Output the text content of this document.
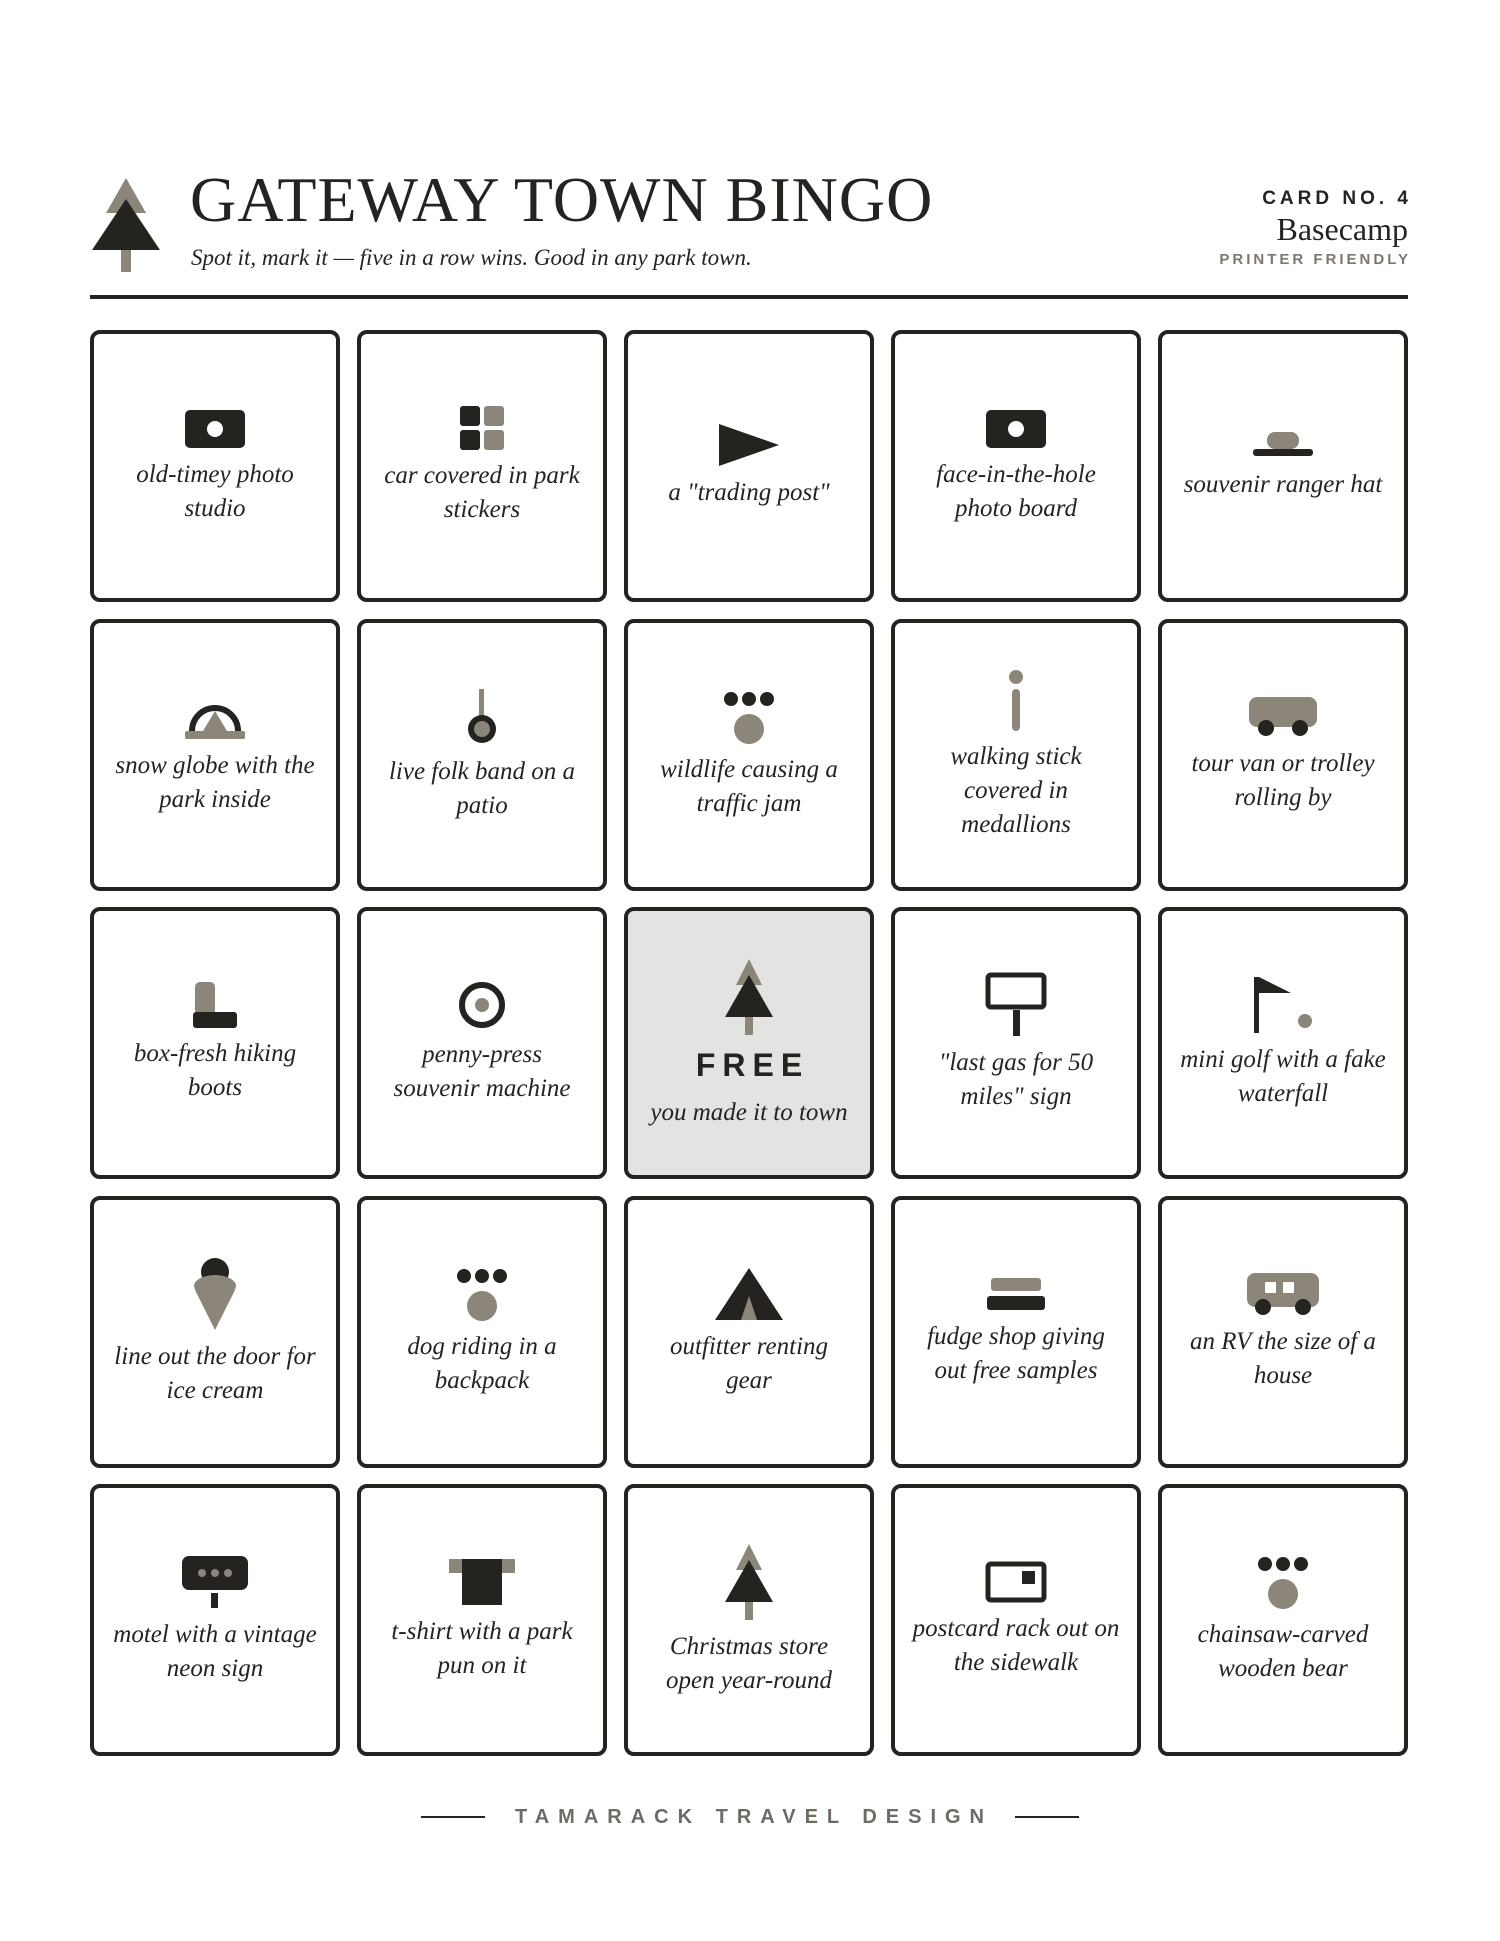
GATEWAY TOWN BINGO
Spot it, mark it — five in a row wins. Good in any park town.
CARD NO. 4
Basecamp
PRINTER FRIENDLY
old-timey photo studio
car covered in park stickers
a "trading post"
face-in-the-hole photo board
souvenir ranger hat
snow globe with the park inside
live folk band on a patio
wildlife causing a traffic jam
walking stick covered in medallions
tour van or trolley rolling by
box-fresh hiking boots
penny-press souvenir machine
FREE
you made it to town
"last gas for 50 miles" sign
mini golf with a fake waterfall
line out the door for ice cream
dog riding in a backpack
outfitter renting gear
fudge shop giving out free samples
an RV the size of a house
motel with a vintage neon sign
t-shirt with a park pun on it
Christmas store open year-round
postcard rack out on the sidewalk
chainsaw-carved wooden bear
TAMARACK TRAVEL DESIGN
